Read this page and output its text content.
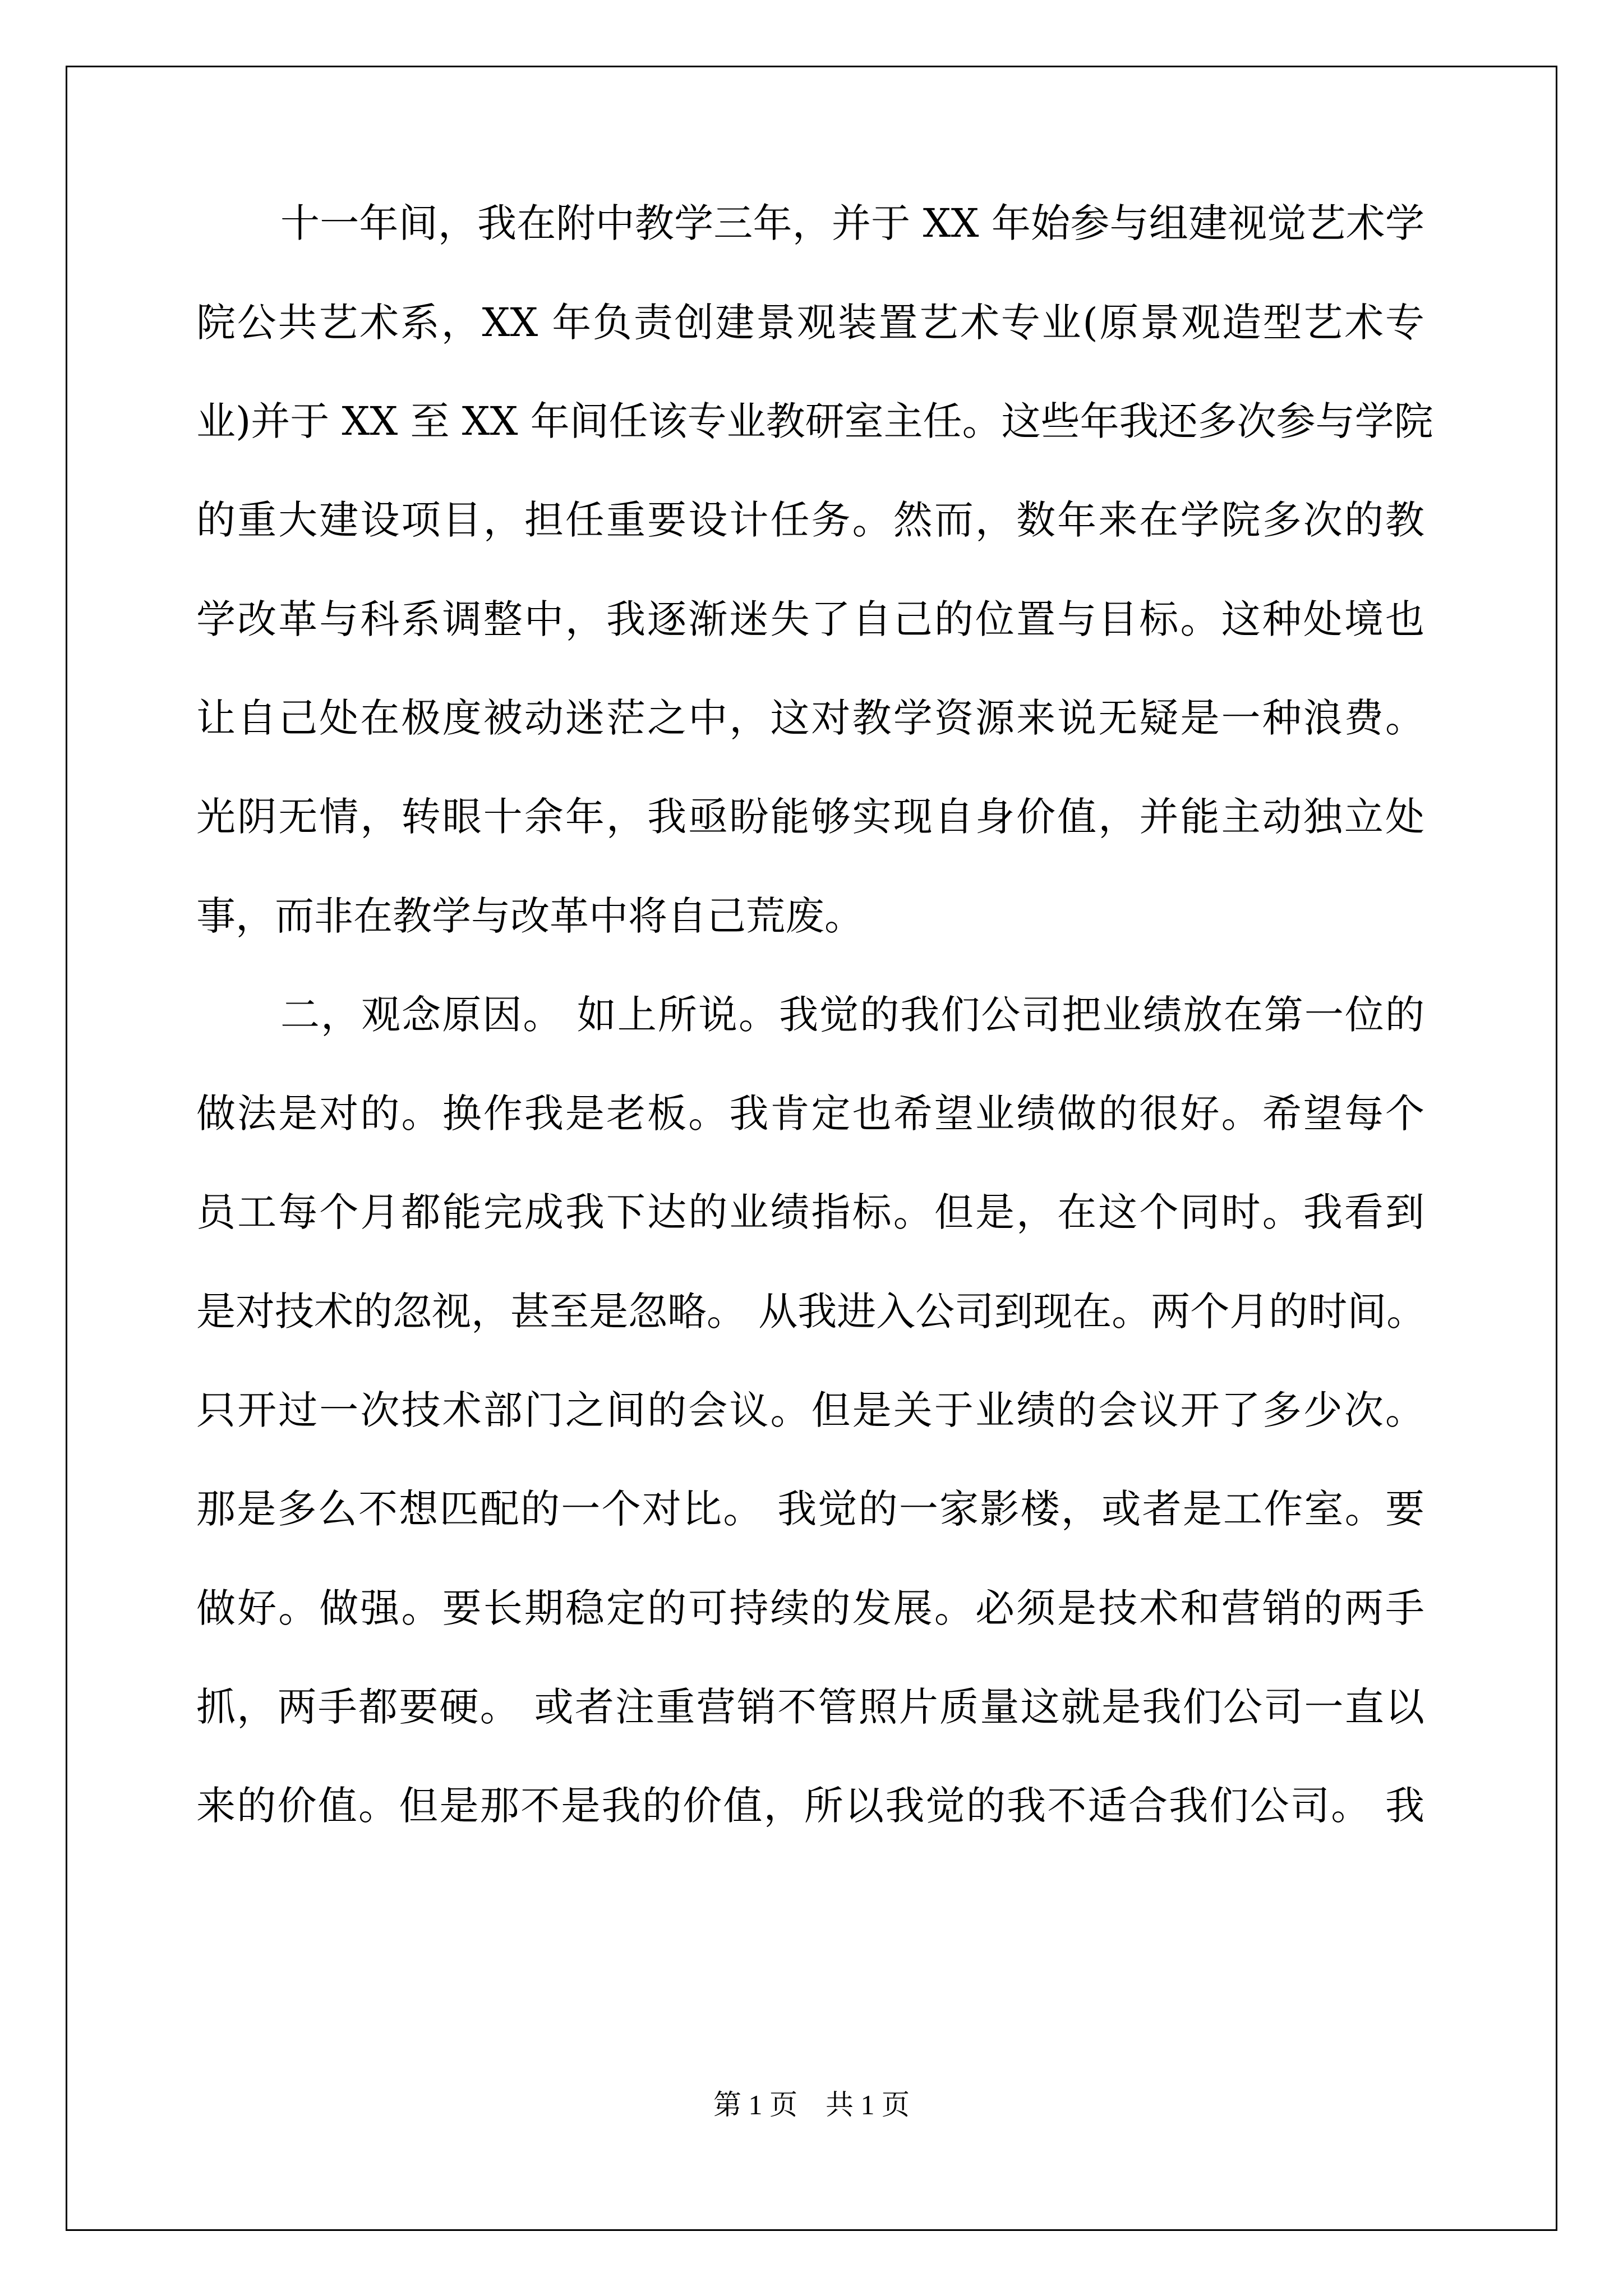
十一年间，我在附中教学三年，并于 XX 年始参与组建视觉艺术学
院公共艺术系，XX 年负责创建景观装置艺术专业(原景观造型艺术专
业)并于 XX 至 XX 年间任该专业教研室主任。这些年我还多次参与学院
的重大建设项目，担任重要设计任务。然而，数年来在学院多次的教
学改革与科系调整中，我逐渐迷失了自己的位置与目标。这种处境也
让自己处在极度被动迷茫之中，这对教学资源来说无疑是一种浪费。
光阴无情，转眼十余年，我亟盼能够实现自身价值，并能主动独立处
事，而非在教学与改革中将自己荒废。
二，观念原因。 如上所说。我觉的我们公司把业绩放在第一位的
做法是对的。换作我是老板。我肯定也希望业绩做的很好。希望每个
员工每个月都能完成我下达的业绩指标。但是，在这个同时。我看到
是对技术的忽视，甚至是忽略。 从我进入公司到现在。两个月的时间。
只开过一次技术部门之间的会议。但是关于业绩的会议开了多少次。
那是多么不想匹配的一个对比。 我觉的一家影楼，或者是工作室。要
做好。做强。要长期稳定的可持续的发展。必须是技术和营销的两手
抓，两手都要硬。 或者注重营销不管照片质量这就是我们公司一直以
来的价值。但是那不是我的价值，所以我觉的我不适合我们公司。 我
第 1 页　共 1 页
